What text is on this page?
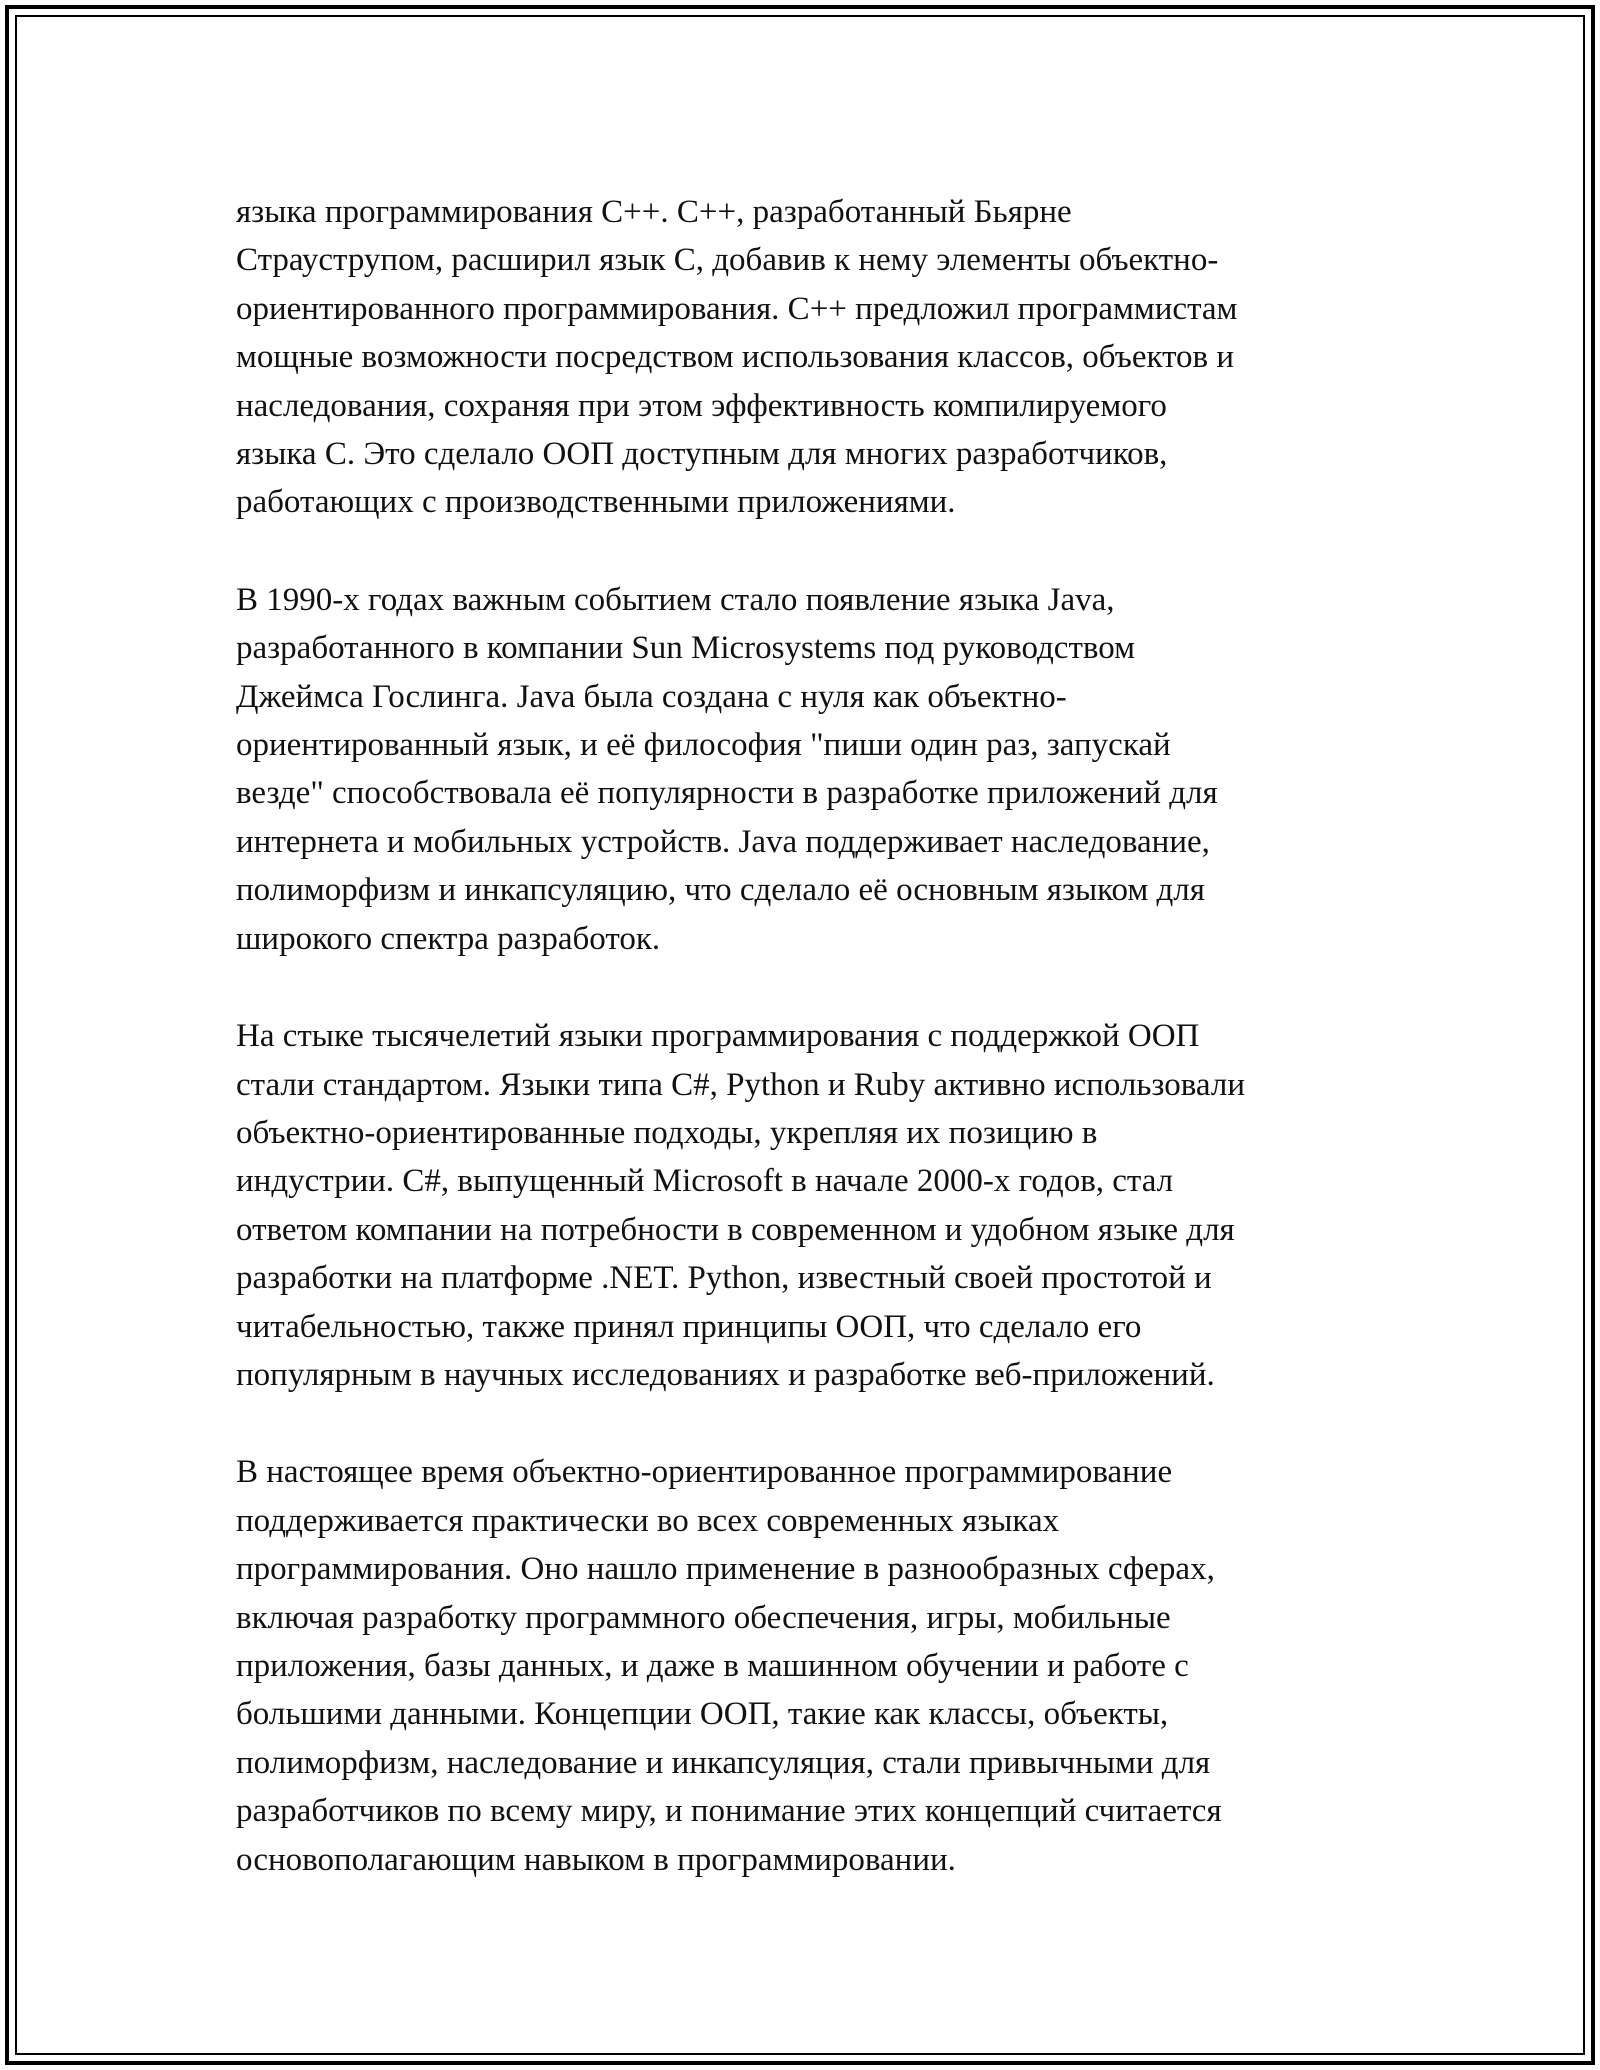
языка программирования C++. C++, разработанный Бьярне
Страуструпом, расширил язык C, добавив к нему элементы объектно-
ориентированного программирования. C++ предложил программистам
мощные возможности посредством использования классов, объектов и
наследования, сохраняя при этом эффективность компилируемого
языка C. Это сделало ООП доступным для многих разработчиков,
работающих с производственными приложениями.

В 1990-х годах важным событием стало появление языка Java,
разработанного в компании Sun Microsystems под руководством
Джеймса Гослинга. Java была создана с нуля как объектно-
ориентированный язык, и её философия "пиши один раз, запускай
везде" способствовала её популярности в разработке приложений для
интернета и мобильных устройств. Java поддерживает наследование,
полиморфизм и инкапсуляцию, что сделало её основным языком для
широкого спектра разработок.

На стыке тысячелетий языки программирования с поддержкой ООП
стали стандартом. Языки типа C#, Python и Ruby активно использовали
объектно-ориентированные подходы, укрепляя их позицию в
индустрии. C#, выпущенный Microsoft в начале 2000-х годов, стал
ответом компании на потребности в современном и удобном языке для
разработки на платформе .NET. Python, известный своей простотой и
читабельностью, также принял принципы ООП, что сделало его
популярным в научных исследованиях и разработке веб-приложений.

В настоящее время объектно-ориентированное программирование
поддерживается практически во всех современных языках
программирования. Оно нашло применение в разнообразных сферах,
включая разработку программного обеспечения, игры, мобильные
приложения, базы данных, и даже в машинном обучении и работе с
большими данными. Концепции ООП, такие как классы, объекты,
полиморфизм, наследование и инкапсуляция, стали привычными для
разработчиков по всему миру, и понимание этих концепций считается
основополагающим навыком в программировании.
